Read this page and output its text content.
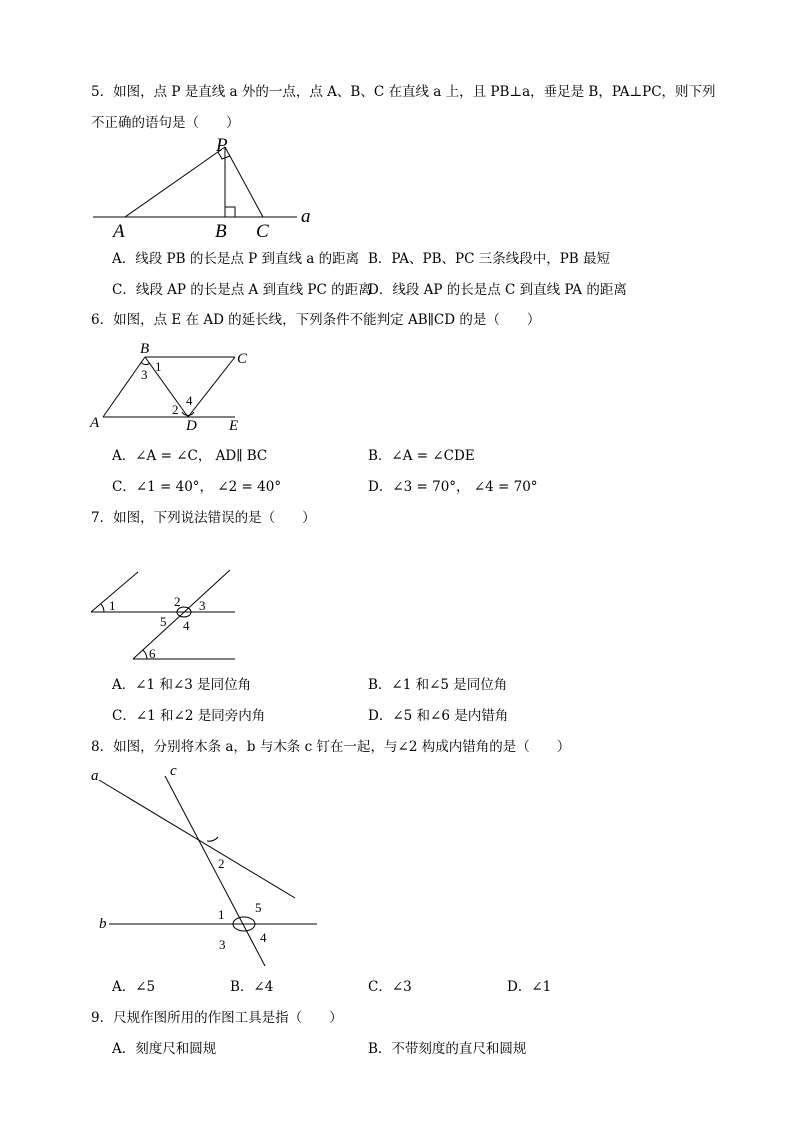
5．如图，点 P 是直线 a 外的一点，点 A、B、C 在直线 a 上，且 PB⊥a，垂足是 B，PA⊥PC，则下列
不正确的语句是（　　）
P
A	B C
a
A．线段 PB 的长是点 P 到直线 a 的距离 B．PA、PB、PC 三条线段中，PB 最短
C．线段 AP 的长是点 A 到直线 PC 的距离
D．线段 AP 的长是点 C 到直线 PA 的距离
6．如图，点 E 在 AD 的延长线，下列条件不能判定 AB∥CD 的是（　　）
B
C
A	D E
1
2
3
4
A．∠A = ∠C， AD∥ BC	B．∠A = ∠CDE
C．∠1 = 40°， ∠2 = 40°	D．∠3 = 70°， ∠4 = 70°
7．如图，下列说法错误的是（　　）
1	2 3
4
5
6
A．∠1 和∠3 是同位角	B．∠1 和∠5 是同位角
C．∠1 和∠2 是同旁内角	D．∠5 和∠6 是内错角
8．如图，分别将木条 a，b 与木条 c 钉在一起，与∠2 构成内错角的是（　　）
a	c
b
1
2
3	4
5
A．∠5	B．∠4	C．∠3	D．∠1
9．尺规作图所用的作图工具是指（　　）
A．刻度尺和圆规	B．不带刻度的直尺和圆规
